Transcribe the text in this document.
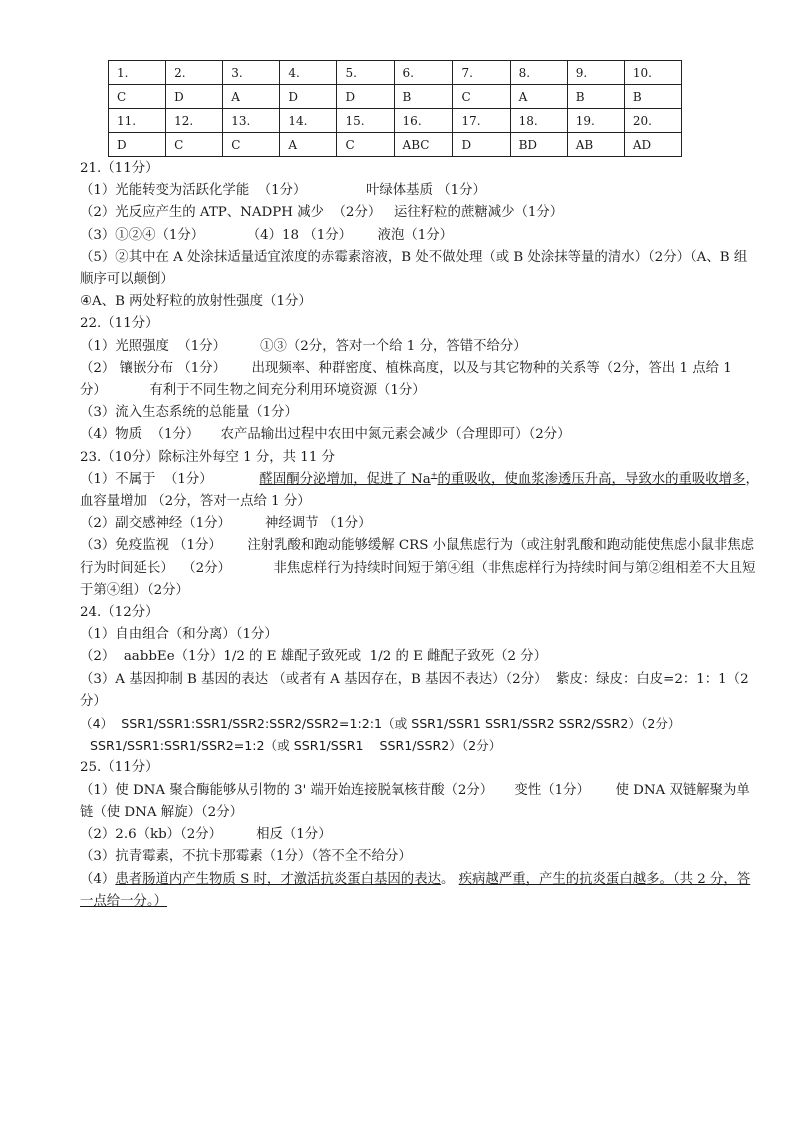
1.	2.	3.	4.	5.	6.	7.	8.	9.	10.
C	D	A	D	D	B	C	A	B	B
11.	12.	13.	14.	15.	16.	17.	18.	19.	20.
D	C	C	A	C	ABC	D	BD	AB	AD
21.（11分）
（1）光能转变为活跃化学能  （1分）              叶绿体基质 （1分）
（2）光反应产生的 ATP、NADPH 减少  （2分）   运往籽粒的蔗糖减少（1分）
（3）①②④（1分）          （4）18 （1分）      液泡（1分）
（5）②其中在 A 处涂抹适量适宜浓度的赤霉素溶液，B 处不做处理（或 B 处涂抹等量的清水）（2分）（A、B 组顺序可以颠倒）
④A、B 两处籽粒的放射性强度（1分）
22.（11分）
（1）光照强度  （1分）        ①③（2分，答对一个给 1 分，答错不给分）
（2） 镶嵌分布 （1分）      出现频率、种群密度、植株高度，以及与其它物种的关系等（2分，答出 1 点给 1 分）          有利于不同生物之间充分利用环境资源（1分）
（3）流入生态系统的总能量（1分）
（4）物质  （1分）     农产品输出过程中农田中氮元素会减少（合理即可）（2分）
23.（10分）除标注外每空 1 分，共 11 分
（1）不属于  （1分）           醛固酮分泌增加，促进了 Na+的重吸收，使血浆渗透压升高，导致水的重吸收增多，血容量增加 （2分，答对一点给 1 分）
（2）副交感神经（1分）        神经调节 （1分）
（3）免疫监视 （1分）      注射乳酸和跑动能够缓解 CRS 小鼠焦虑行为（或注射乳酸和跑动能使焦虑小鼠非焦虑行为时间延长）  （2分）          非焦虑样行为持续时间短于第④组（非焦虑样行为持续时间与第②组相差不大且短于第④组）（2分）
24.（12分）
（1）自由组合（和分离）（1分）
（2）  aabbEe（1分）1/2 的 E 雄配子致死或  1/2 的 E 雌配子致死（2 分）
（3）A 基因抑制 B 基因的表达 （或者有 A 基因存在，B 基因不表达）（2分）  紫皮：绿皮：白皮=2：1：1（2分）
（4）  SSR1/SSR1:SSR1/SSR2:SSR2/SSR2=1:2:1（或 SSR1/SSR1 SSR1/SSR2 SSR2/SSR2）（2分）
SSR1/SSR1:SSR1/SSR2=1:2（或 SSR1/SSR1    SSR1/SSR2）（2分）
25.（11分）
（1）使 DNA 聚合酶能够从引物的 3' 端开始连接脱氧核苷酸（2分）     变性（1分）      使 DNA 双链解聚为单链（使 DNA 解旋）（2分）
（2）2.6（kb）（2分）        相反（1分）
（3）抗青霉素，不抗卡那霉素（1分）（答不全不给分）
（4）患者肠道内产生物质 S 时，才激活抗炎蛋白基因的表达。 疾病越严重，产生的抗炎蛋白越多。（共 2 分，答一点给一分。）
